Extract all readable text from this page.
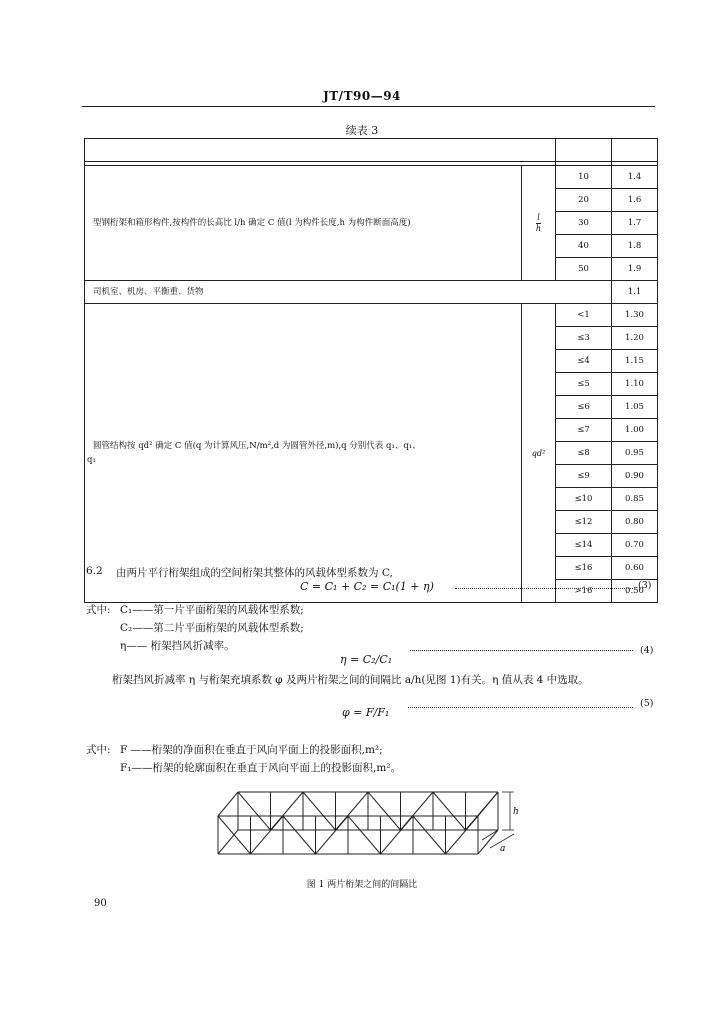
JT/T90—94
续表 3

型钢桁架和箱形构件,按构件的长高比 l/h 确定 C 值(l 为构件长度,h 为构件断面高度)	$\frac{l}{h}$	10	1.4
		20	1.6
		30	1.7
		40	1.8
		50	1.9
司机室、机房、平衡重、货物			1.1

圆管结构按 qd² 确定 C 值(q 为计算风压,N/m²,d 为圆管外径,m),q 分别代表 q₁、q₁、
q₁	qd²	<1	1.30
		≤3	1.20
		≤4	1.15
		≤5	1.10
		≤6	1.05
		≤7	1.00
		≤8	0.95
		≤9	0.90
		≤10	0.85
		≤12	0.80
		≤14	0.70
		≤16	0.60
		>16	0.50
6.2 由两片平行桁架组成的空间桁架其整体的风载体型系数为 C,
C = C₁ + C₂ = C₁(1 + η)	(3)
式中: C₁——第一片平面桁架的风载体型系数;
C₂——第二片平面桁架的风载体型系数;
η—— 桁架挡风折减率。
η = C₂/C₁
(4)
桁架挡风折减率 η 与桁架充填系数 φ 及两片桁架之间的间隔比 a/h(见图 1)有关。η 值从表 4 中选取。
φ = F/F₁
(5)
式中: F ——桁架的净面积在垂直于风向平面上的投影面积,m²;
F₁——桁架的轮廓面积在垂直于风向平面上的投影面积,m²。
h
a
图 1 两片桁架之间的间隔比
90
